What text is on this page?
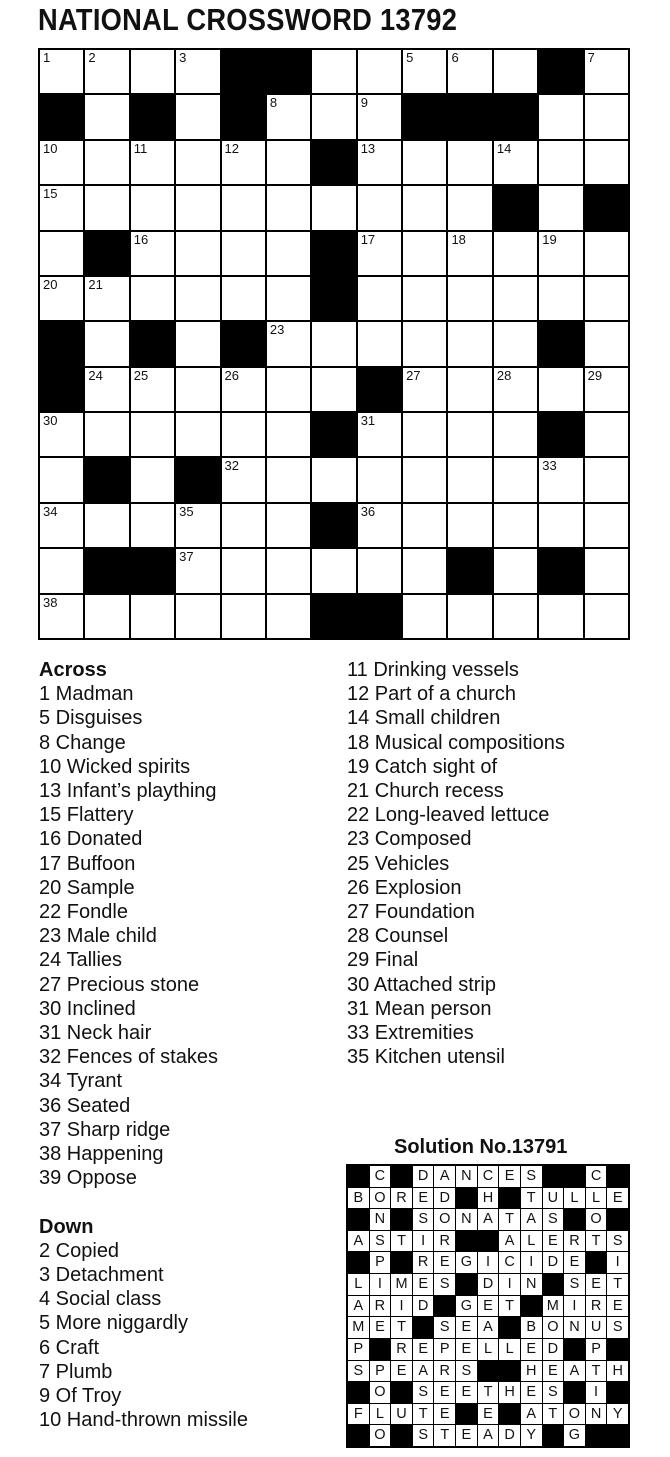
NATIONAL CROSSWORD 13792
1	2	3	5	6	7
8	9
10	11	12	13	14
15
16	17	18	19
20 21
23
24 25	26	27	28	29
30	31
32	33
34	35	36
37
38
Across
1 Madman
5 Disguises
8 Change
10 Wicked spirits
13 Infant’s plaything
15 Flattery
16 Donated
17 Buffoon
20 Sample
22 Fondle
23 Male child
24 Tallies
27 Precious stone
30 Inclined
31 Neck hair
32 Fences of stakes
34 Tyrant
36 Seated
37 Sharp ridge
38 Happening
39 Oppose
Down
2 Copied
3 Detachment
4 Social class
5 More niggardly
6 Craft
7 Plumb
9 Of Troy
10 Hand-thrown missile
11 Drinking vessels
12 Part of a church
14 Small children
18 Musical compositions
19 Catch sight of
21 Church recess
22 Long-leaved lettuce
23 Composed
25 Vehicles
26 Explosion
27 Foundation
28 Counsel
29 Final
30 Attached strip
31 Mean person
33 Extremities
35 Kitchen utensil
Solution No.13791
C	D A N C E S	C
B O R E D	H	T U L L E
N	S O N A T A S	O
A S T	I R	A L E R T S
P	R E G I C I D E	I
L	I M E S	D I N	S E T
A R I D	G E T	M I R E
M E T	S E A	B O N U S
P	R E P E L L E D	P
S P E A R S	H E A T H
O	S E E T H E S	I
F L U T E	E	A T O N Y
O	S T E A D Y	G
